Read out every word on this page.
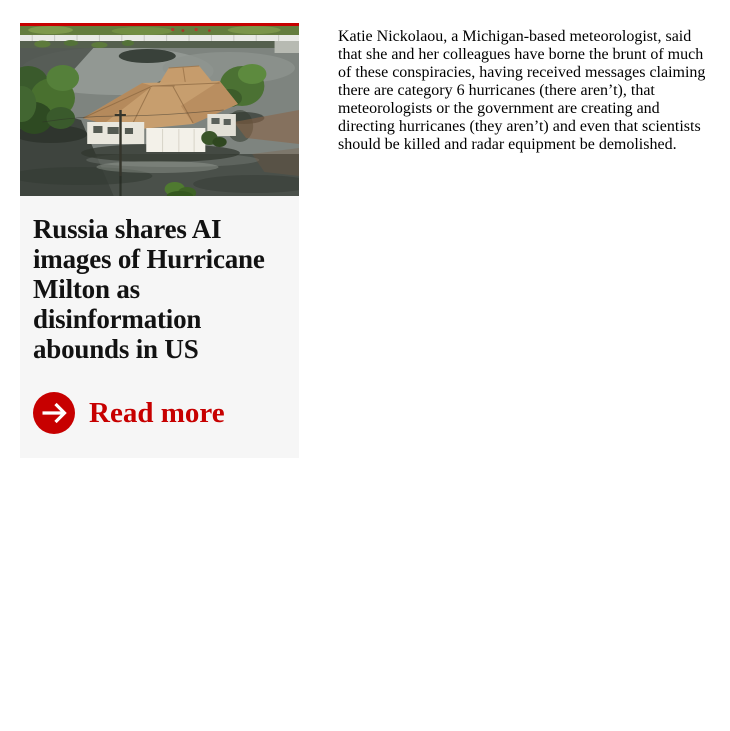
Russia shares AI
images of Hurricane
Milton as
disinformation
abounds in US
Read more
Katie Nickolaou, a Michigan-based meteorologist, said that she and her colleagues have borne the brunt of much of these conspiracies, having received messages claiming there are category 6 hurricanes (there aren’t), that meteorologists or the government are creating and directing hurricanes (they aren’t) and even that scientists should be killed and radar equipment be demolished.
